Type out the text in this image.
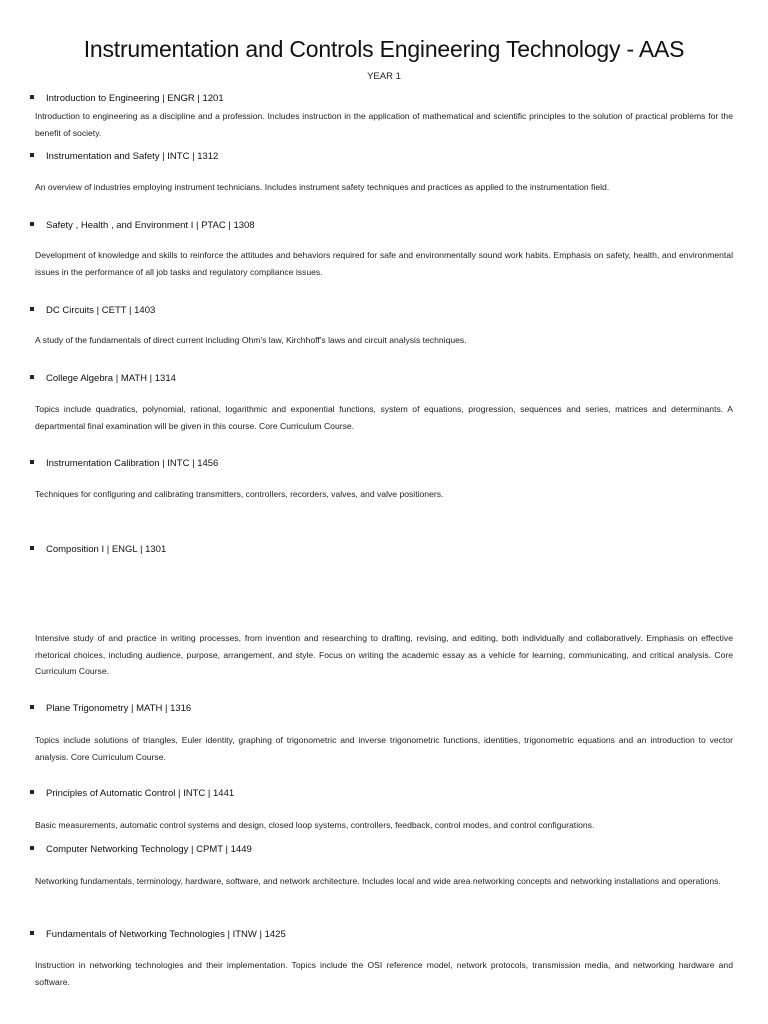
Instrumentation and Controls Engineering Technology - AAS
YEAR 1
Introduction to Engineering | ENGR | 1201
Introduction to engineering as a discipline and a profession. Includes instruction in the application of mathematical and scientific principles to the solution of practical problems for the benefit of society.
Instrumentation and Safety | INTC | 1312
An overview of industries employing instrument technicians. Includes instrument safety techniques and practices as applied to the instrumentation field.
Safety , Health , and Environment I | PTAC | 1308
Development of knowledge and skills to reinforce the attitudes and behaviors required for safe and environmentally sound work habits. Emphasis on safety, health, and environmental issues in the performance of all job tasks and regulatory compliance issues.
DC Circuits | CETT | 1403
A study of the fundamentals of direct current including Ohm's law, Kirchhoff's laws and circuit analysis techniques.
College Algebra | MATH | 1314
Topics include quadratics, polynomial, rational, logarithmic and exponential functions, system of equations, progression, sequences and series, matrices and determinants. A departmental final examination will be given in this course. Core Curriculum Course.
Instrumentation Calibration | INTC | 1456
Techniques for configuring and calibrating transmitters, controllers, recorders, valves, and valve positioners.
Composition I | ENGL | 1301
Intensive study of and practice in writing processes, from invention and researching to drafting, revising, and editing, both individually and collaboratively. Emphasis on effective rhetorical choices, including audience, purpose, arrangement, and style. Focus on writing the academic essay as a vehicle for learning, communicating, and critical analysis. Core Curriculum Course.
Plane Trigonometry | MATH | 1316
Topics include solutions of triangles, Euler identity, graphing of trigonometric and inverse trigonometric functions, identities, trigonometric equations and an introduction to vector analysis. Core Curriculum Course.
Principles of Automatic Control | INTC | 1441
Basic measurements, automatic control systems and design, closed loop systems, controllers, feedback, control modes, and control configurations.
Computer Networking Technology | CPMT | 1449
Networking fundamentals, terminology, hardware, software, and network architecture. Includes local and wide area networking concepts and networking installations and operations.
Fundamentals of Networking Technologies | ITNW | 1425
Instruction in networking technologies and their implementation. Topics include the OSI reference model, network protocols, transmission media, and networking hardware and software.
